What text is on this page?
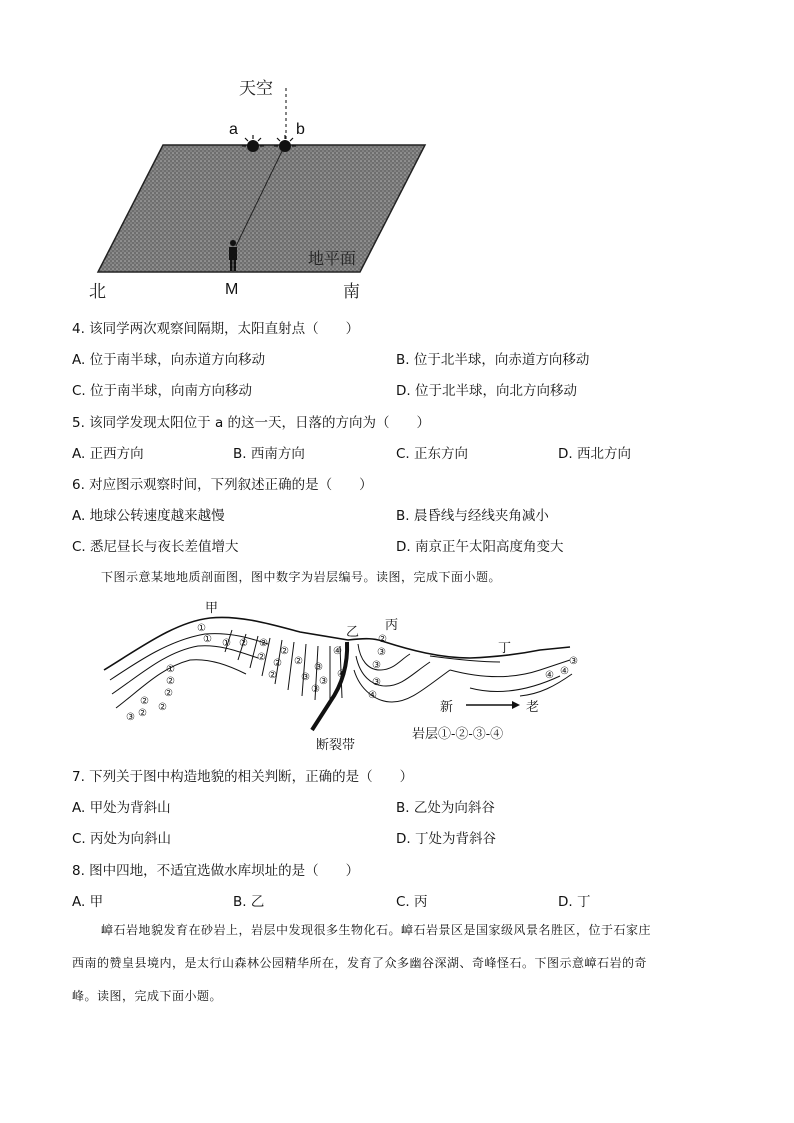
天空
a	b
地平面
北	M	南
4. 该同学两次观察间隔期，太阳直射点（　　）
A. 位于南半球，向赤道方向移动	B. 位于北半球，向赤道方向移动
C. 位于南半球，向南方向移动	D. 位于北半球，向北方向移动
5. 该同学发现太阳位于 a 的这一天，日落的方向为（　　）
A. 正西方向	B. 西南方向	C. 正东方向	D. 西北方向
6. 对应图示观察时间，下列叙述正确的是（　　）
A. 地球公转速度越来越慢	B. 晨昏线与经线夹角减小
C. 悉尼昼长与夜长差值增大	D. 南京正午太阳高度角变大
下图示意某地地质剖面图，图中数字为岩层编号。读图，完成下面小题。
甲
乙 丙
丁
断裂带
新	老
岩层①-②-③-④
①
① ① ② ②
②
②
②
②
②
③
③
③
③
④
④
②
③
③
③
④
①
②
②
②
②
②
③
③
④
④
7. 下列关于图中构造地貌的相关判断，正确的是（　　）
A. 甲处为背斜山	B. 乙处为向斜谷
C. 丙处为向斜山	D. 丁处为背斜谷
8. 图中四地，不适宜选做水库坝址的是（　　）
A. 甲	B. 乙	C. 丙	D. 丁
嶂石岩地貌发育在砂岩上，岩层中发现很多生物化石。嶂石岩景区是国家级风景名胜区，位于石家庄
西南的赞皇县境内，是太行山森林公园精华所在，发育了众多幽谷深湖、奇峰怪石。下图示意嶂石岩的奇
峰。读图，完成下面小题。
